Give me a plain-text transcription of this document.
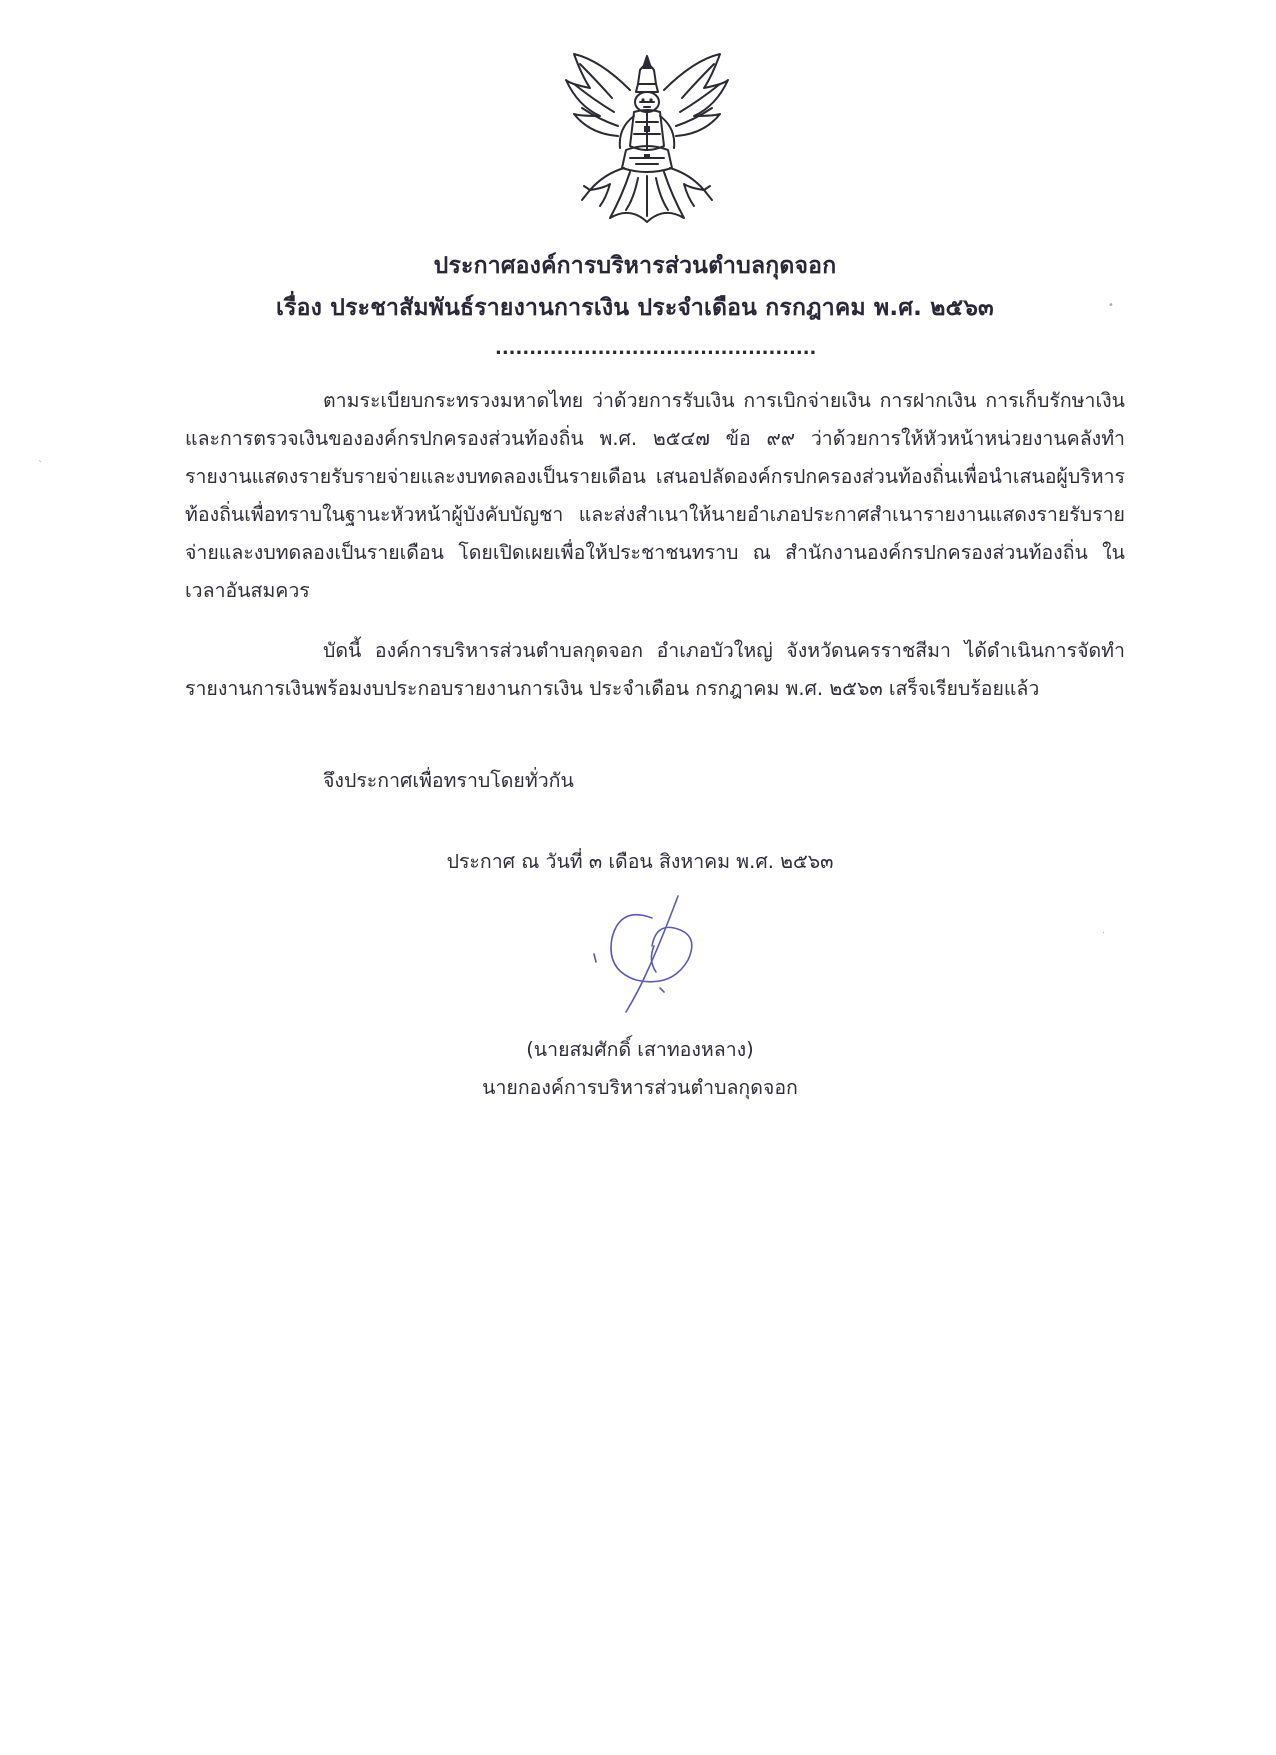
ประกาศองค์การบริหารส่วนตำบลกุดจอก
เรื่อง ประชาสัมพันธ์รายงานการเงิน ประจำเดือน กรกฎาคม พ.ศ. ๒๕๖๓
...............................................

ตามระเบียบกระทรวงมหาดไทย ว่าด้วยการรับเงิน การเบิกจ่ายเงิน การฝากเงิน การเก็บรักษาเงิน และการตรวจเงินขององค์กรปกครองส่วนท้องถิ่น พ.ศ. ๒๕๔๗ ข้อ ๙๙ ว่าด้วยการให้หัวหน้าหน่วยงานคลังทำรายงานแสดงรายรับรายจ่ายและงบทดลองเป็นรายเดือน เสนอปลัดองค์กรปกครองส่วนท้องถิ่นเพื่อนำเสนอผู้บริหารท้องถิ่นเพื่อทราบในฐานะหัวหน้าผู้บังคับบัญชา และส่งสำเนาให้นายอำเภอประกาศสำเนารายงานแสดงรายรับรายจ่ายและงบทดลองเป็นรายเดือน โดยเปิดเผยเพื่อให้ประชาชนทราบ ณ สำนักงานองค์กรปกครองส่วนท้องถิ่น ในเวลาอันสมควร

บัดนี้ องค์การบริหารส่วนตำบลกุดจอก อำเภอบัวใหญ่ จังหวัดนครราชสีมา ได้ดำเนินการจัดทำรายงานการเงินพร้อมงบประกอบรายงานการเงิน ประจำเดือน กรกฎาคม พ.ศ. ๒๕๖๓ เสร็จเรียบร้อยแล้ว

จึงประกาศเพื่อทราบโดยทั่วกัน

ประกาศ ณ วันที่ ๓ เดือน สิงหาคม พ.ศ. ๒๕๖๓
(นายสมศักดิ์ เสาทองหลาง)
นายกองค์การบริหารส่วนตำบลกุดจอก
•
ˋ
·
